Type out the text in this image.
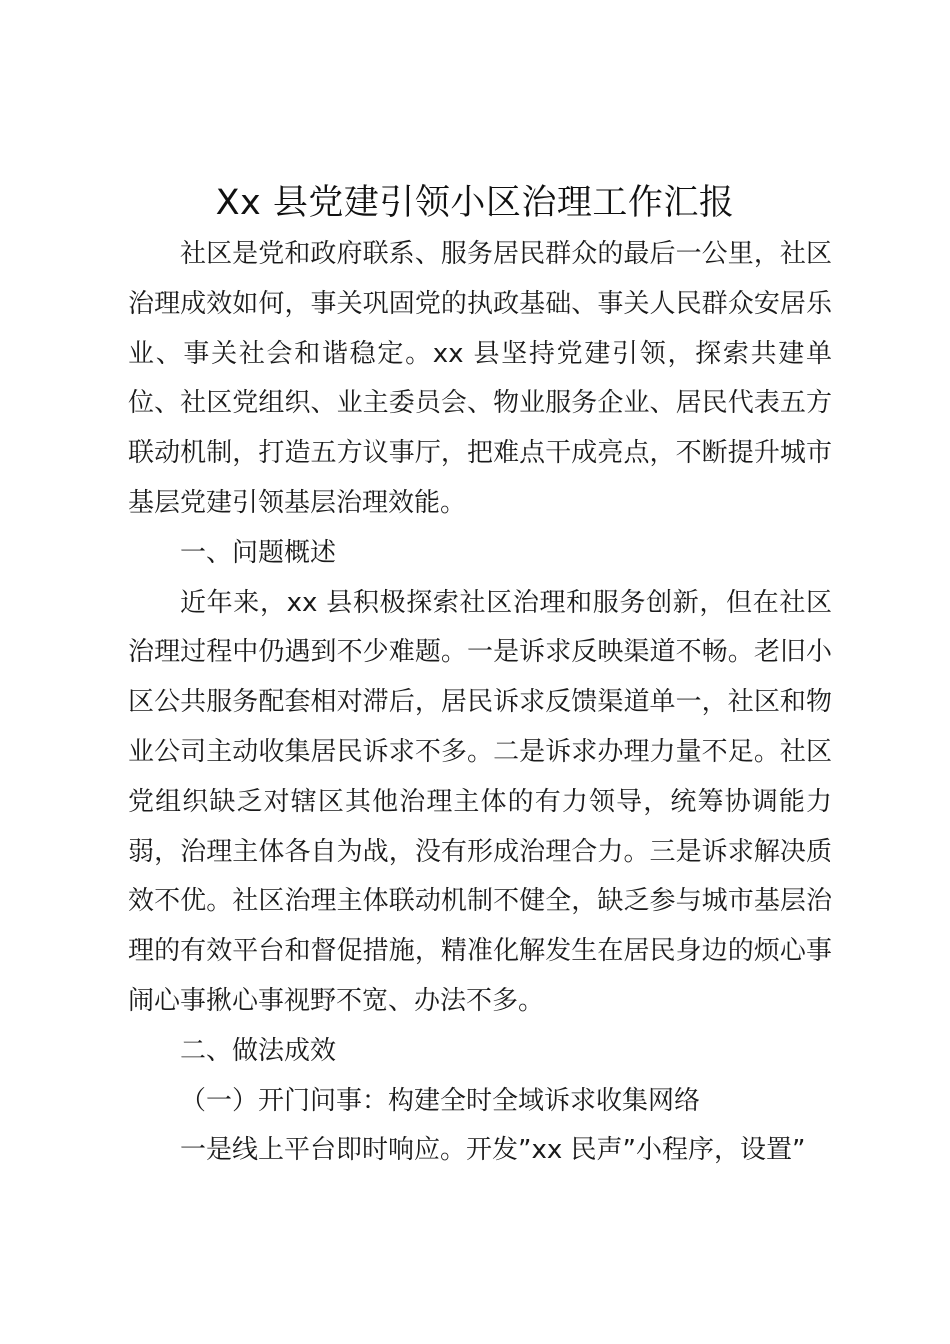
Xx 县党建引领小区治理工作汇报

社区是党和政府联系、服务居民群众的最后一公里，社区治理成效如何，事关巩固党的执政基础、事关人民群众安居乐业、事关社会和谐稳定。xx 县坚持党建引领，探索共建单位、社区党组织、业主委员会、物业服务企业、居民代表五方联动机制，打造五方议事厅，把难点干成亮点，不断提升城市基层党建引领基层治理效能。

一、问题概述

近年来，xx 县积极探索社区治理和服务创新，但在社区治理过程中仍遇到不少难题。一是诉求反映渠道不畅。老旧小区公共服务配套相对滞后，居民诉求反馈渠道单一，社区和物业公司主动收集居民诉求不多。二是诉求办理力量不足。社区党组织缺乏对辖区其他治理主体的有力领导，统筹协调能力弱，治理主体各自为战，没有形成治理合力。三是诉求解决质效不优。社区治理主体联动机制不健全，缺乏参与城市基层治理的有效平台和督促措施，精准化解发生在居民身边的烦心事闹心事揪心事视野不宽、办法不多。

二、做法成效

（一）开门问事：构建全时全域诉求收集网络

一是线上平台即时响应。开发”xx 民声”小程序，设置”
